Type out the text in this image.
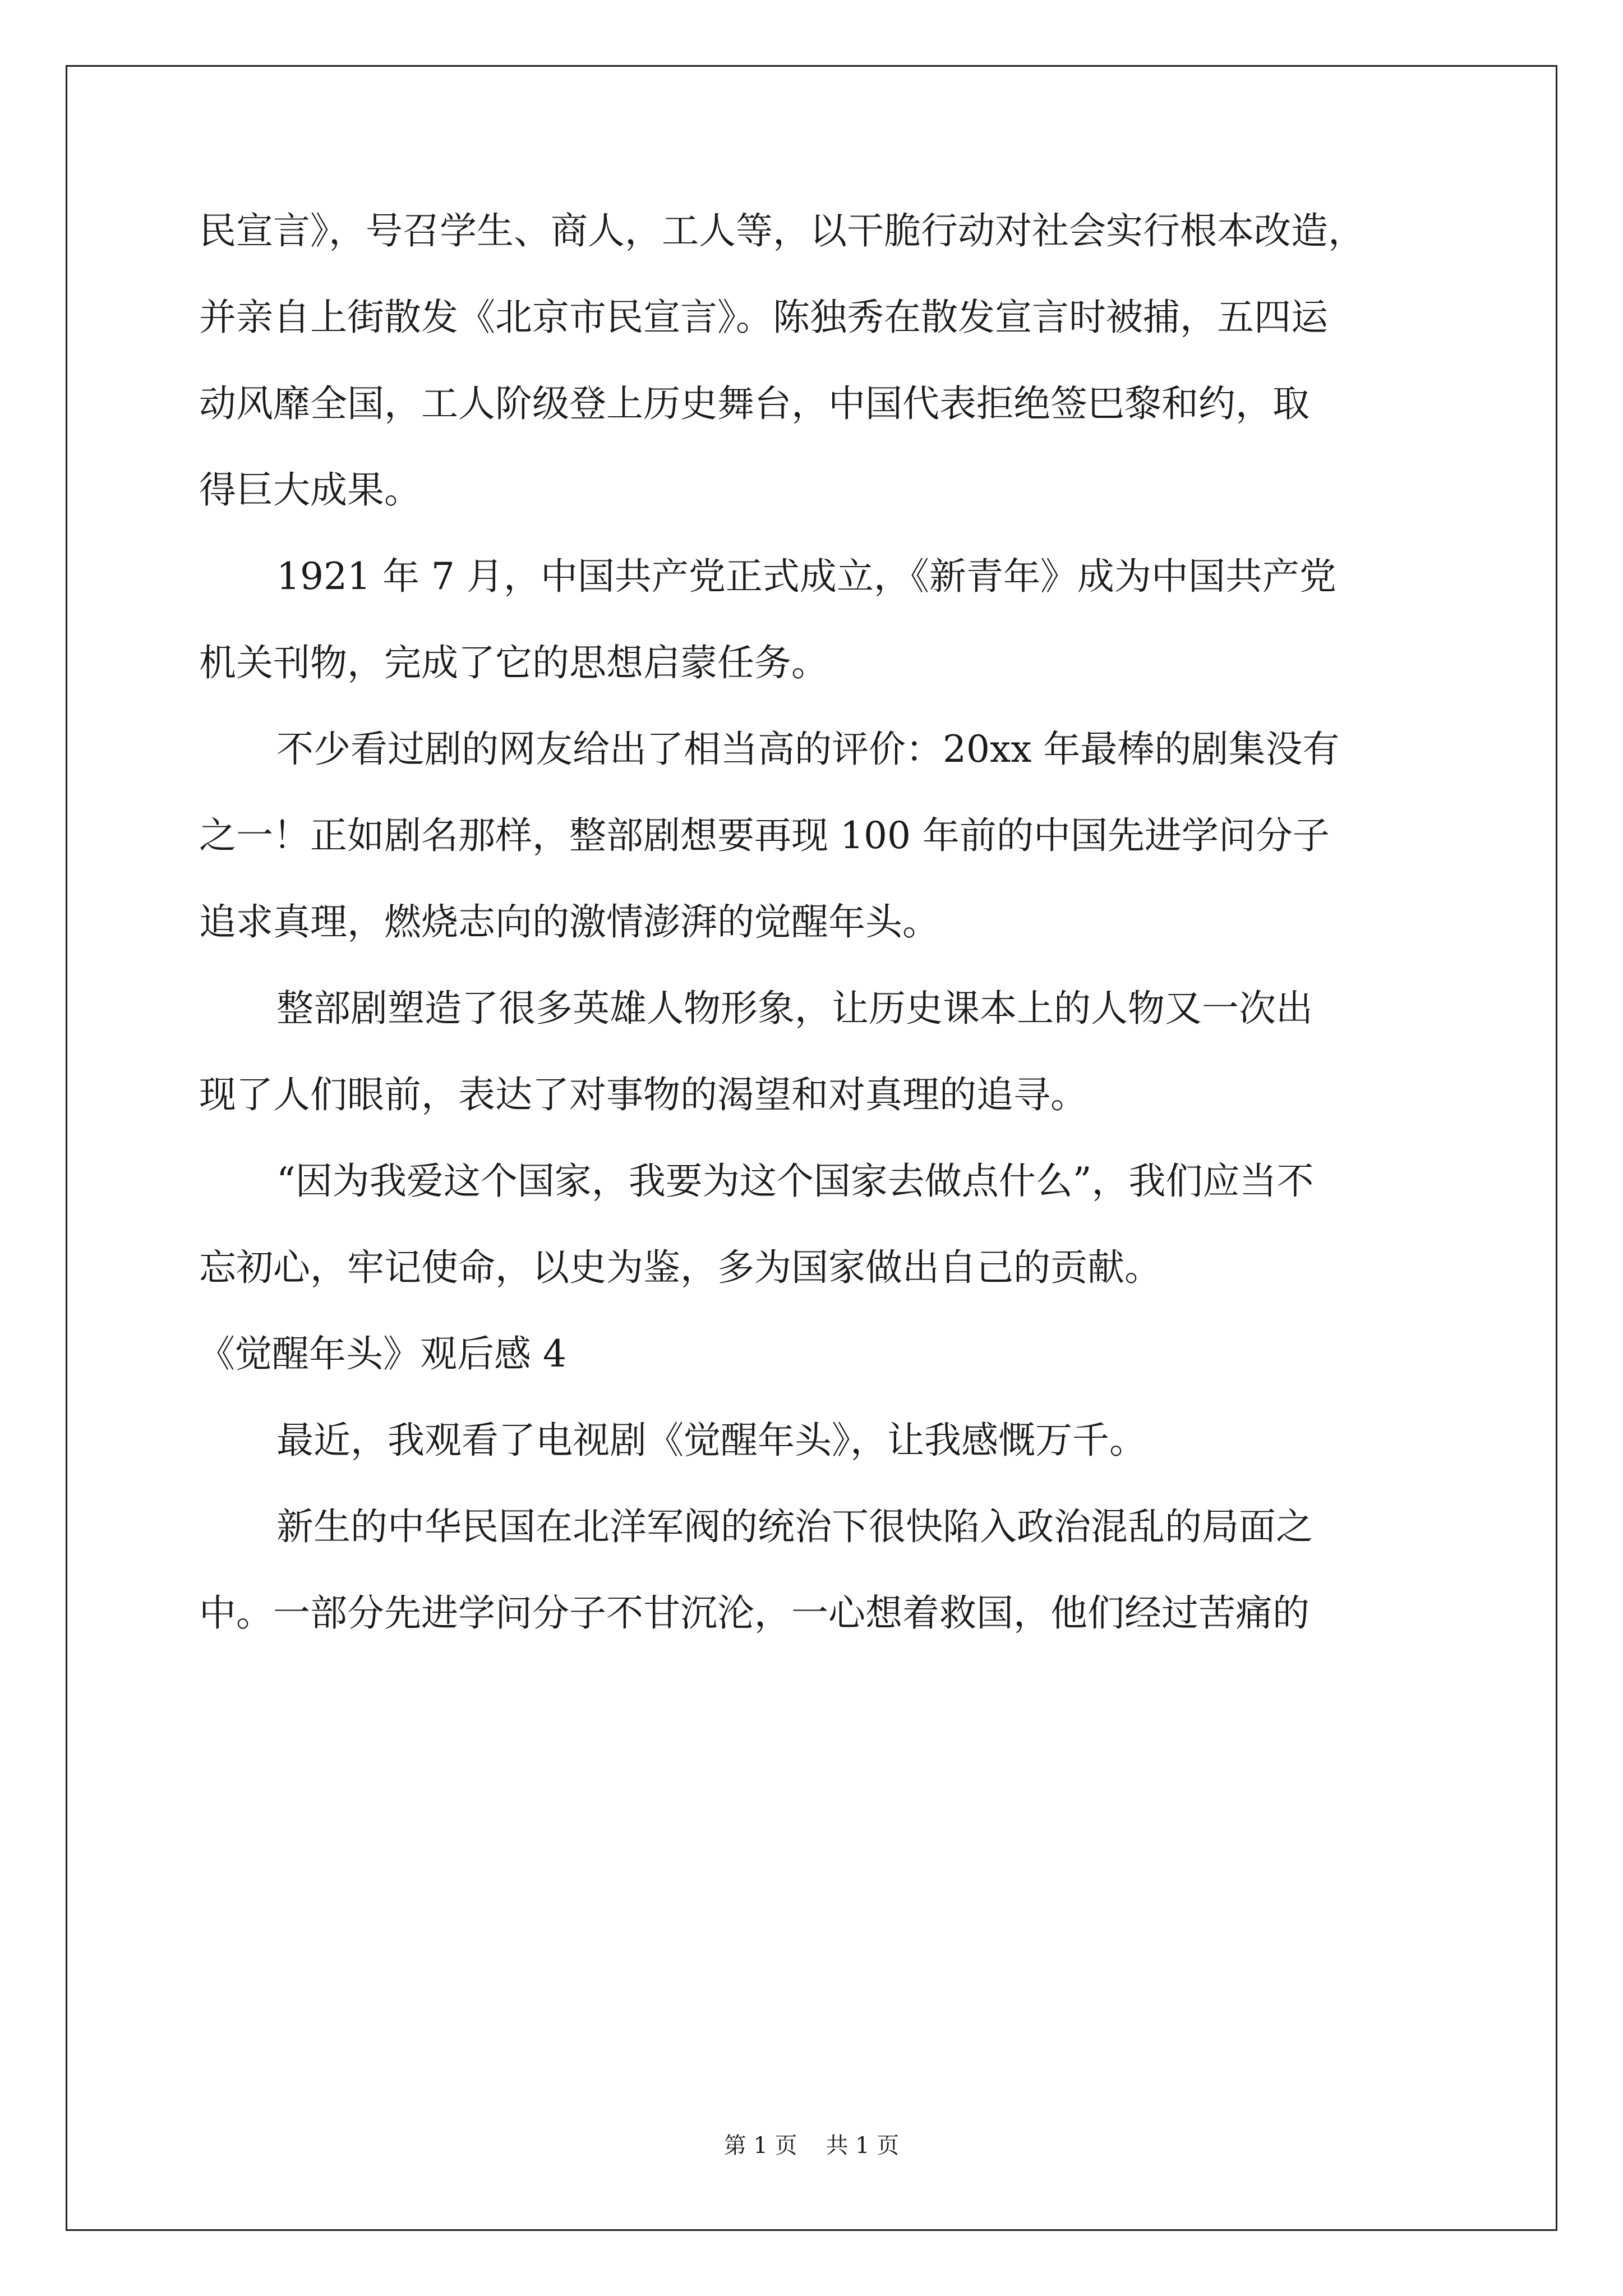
民宣言》，号召学生、商人，工人等，以干脆行动对社会实行根本改造，
并亲自上街散发《北京市民宣言》。陈独秀在散发宣言时被捕，五四运
动风靡全国，工人阶级登上历史舞台，中国代表拒绝签巴黎和约，取
得巨大成果。
1921 年 7 月，中国共产党正式成立，《新青年》成为中国共产党
机关刊物，完成了它的思想启蒙任务。
不少看过剧的网友给出了相当高的评价：20xx 年最棒的剧集没有
之一！正如剧名那样，整部剧想要再现 100 年前的中国先进学问分子
追求真理，燃烧志向的激情澎湃的觉醒年头。
整部剧塑造了很多英雄人物形象，让历史课本上的人物又一次出
现了人们眼前，表达了对事物的渴望和对真理的追寻。
“因为我爱这个国家，我要为这个国家去做点什么”，我们应当不
忘初心，牢记使命，以史为鉴，多为国家做出自己的贡献。
《觉醒年头》观后感 4
最近，我观看了电视剧《觉醒年头》，让我感慨万千。
新生的中华民国在北洋军阀的统治下很快陷入政治混乱的局面之
中。一部分先进学问分子不甘沉沦，一心想着救国，他们经过苦痛的
第 1 页    共 1 页
